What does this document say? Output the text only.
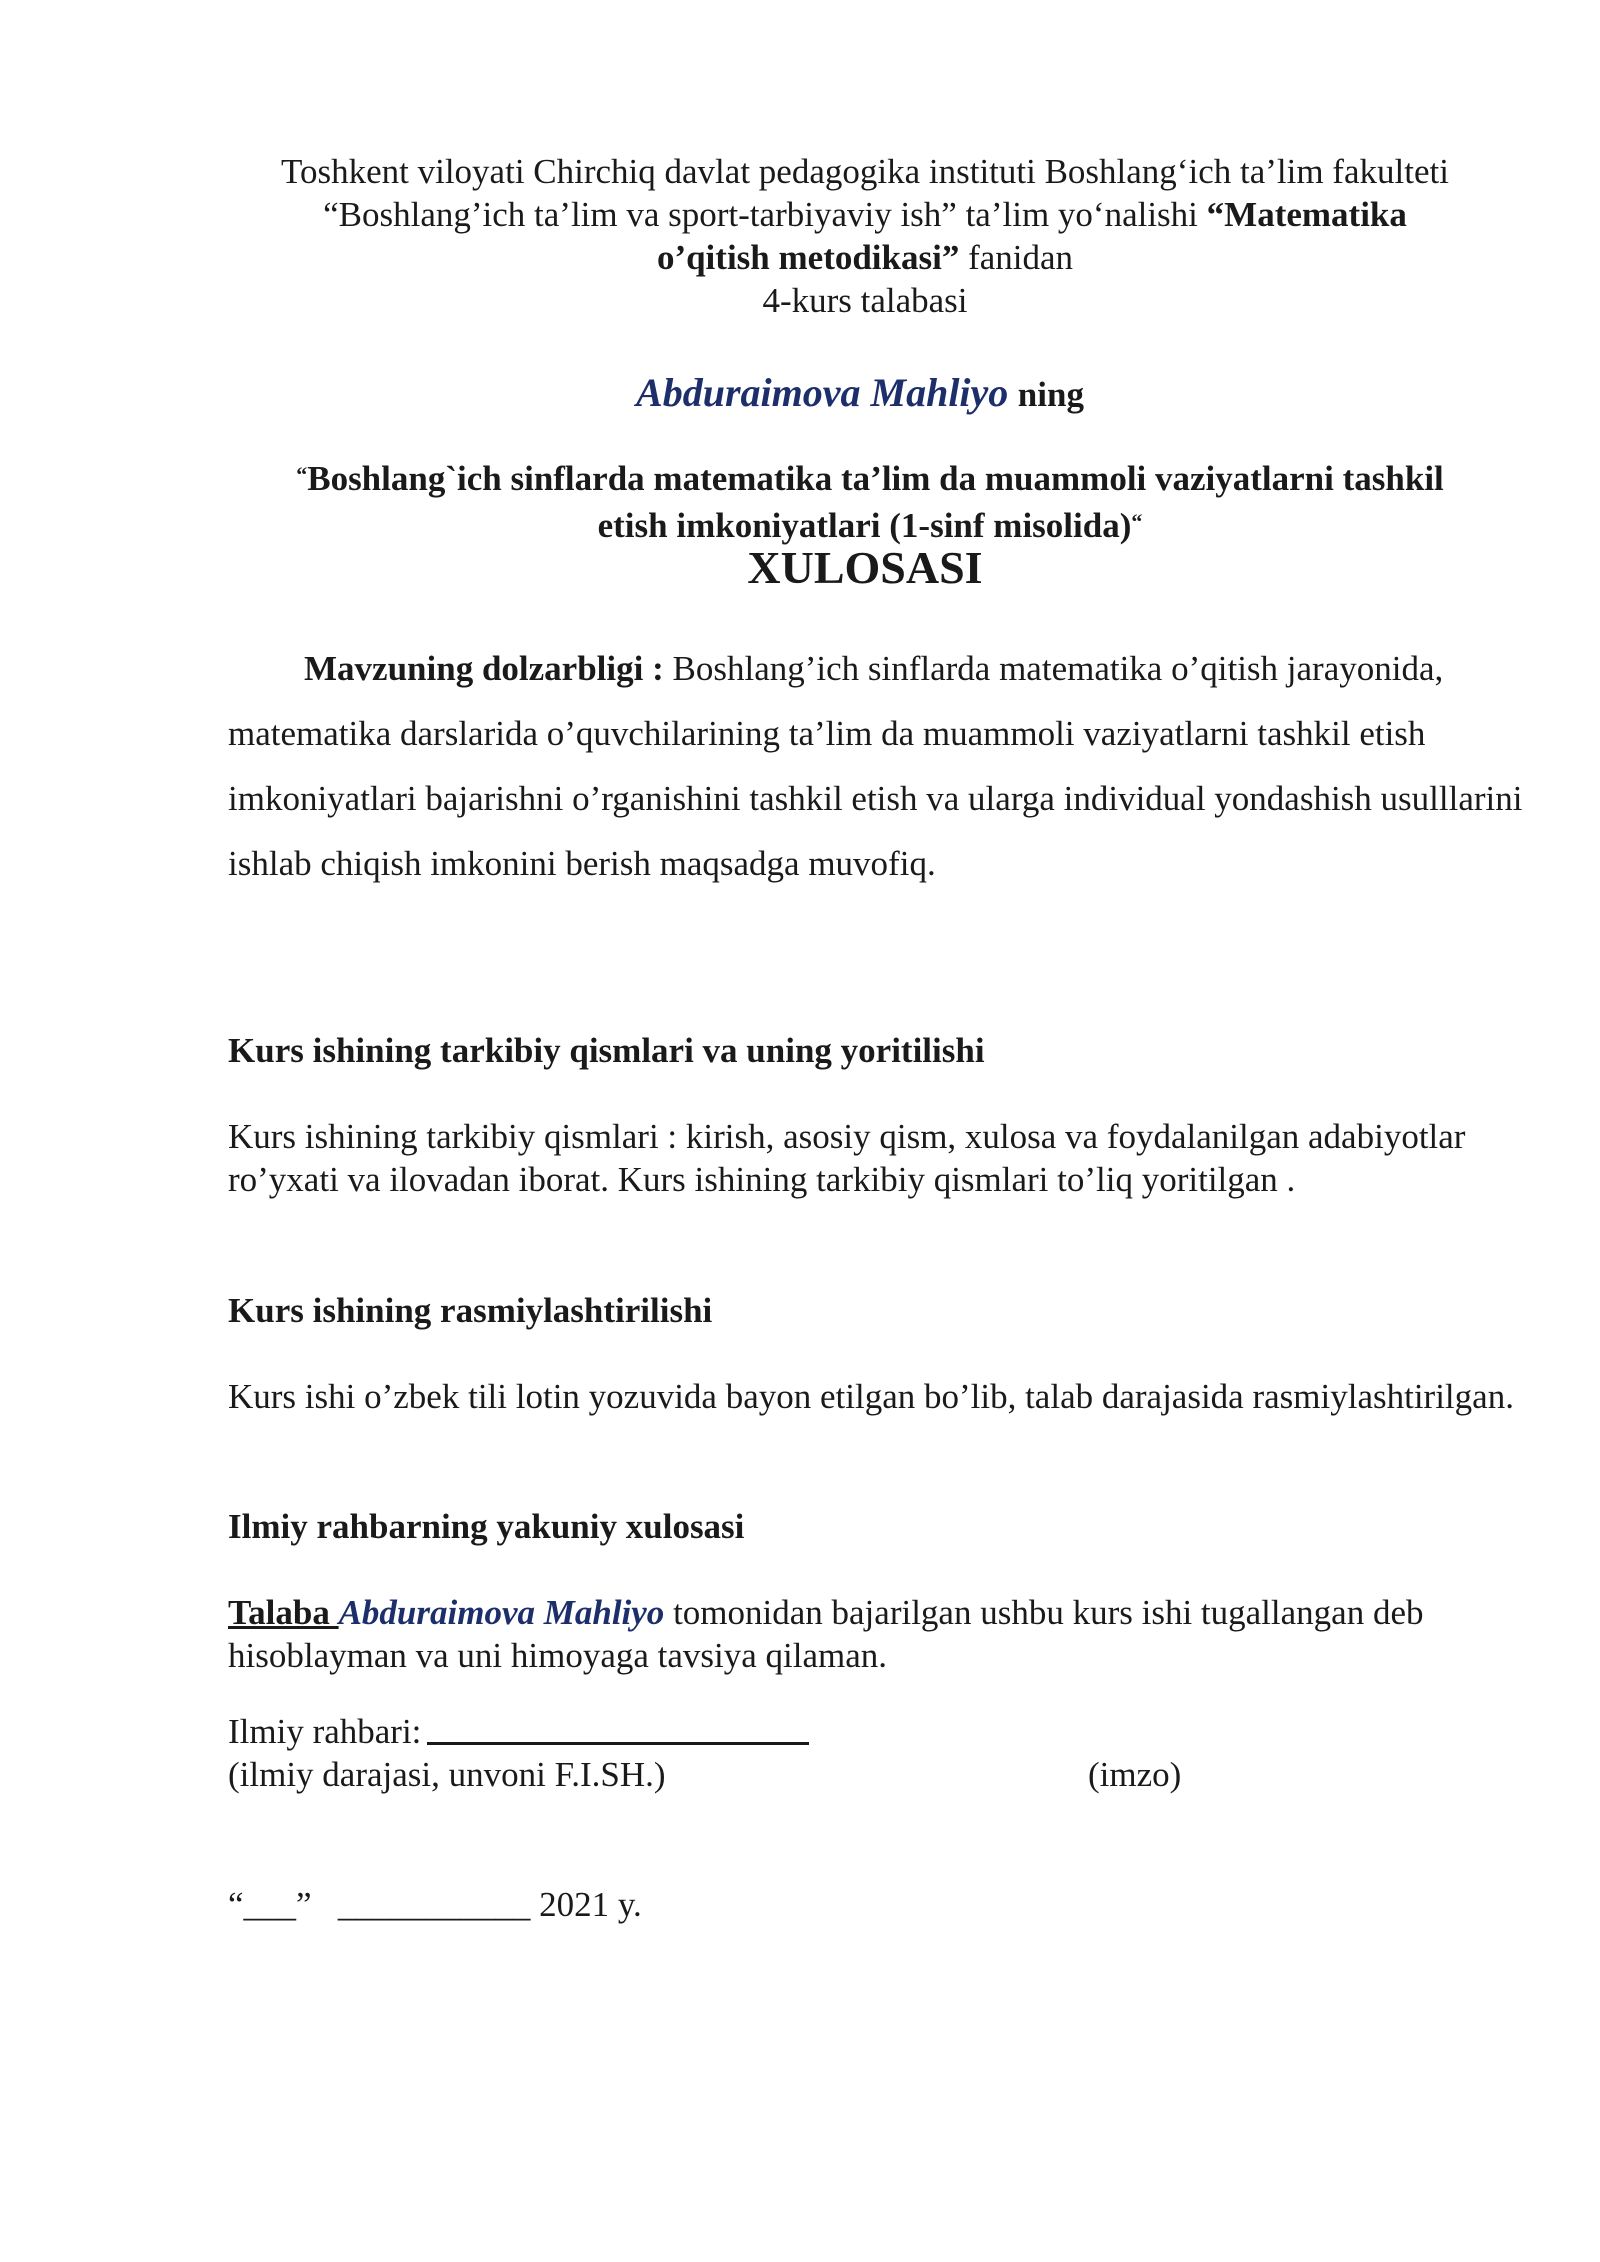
Toshkent viloyati Chirchiq davlat pedagogika instituti Boshlang‘ich ta’lim fakulteti
“Boshlang’ich ta’lim va sport-tarbiyaviy ish” ta’lim yo‘nalishi “Matematika
o’qitish metodikasi” fanidan
4-kurs talabasi
Abduraimova Mahliyo ning
“Boshlang`ich sinflarda matematika ta’lim da muammoli vaziyatlarni tashkil
etish imkoniyatlari (1-sinf misolida)“
XULOSASI
Mavzuning dolzarbligi : Boshlang’ich sinflarda matematika o’qitish jarayonida, matematika darslarida o’quvchilarining ta’lim da muammoli vaziyatlarni tashkil etish imkoniyatlari bajarishni o’rganishini tashkil etish va ularga individual yondashish usulllarini ishlab chiqish imkonini berish maqsadga muvofiq.
Kurs ishining tarkibiy qismlari va uning yoritilishi
Kurs ishining tarkibiy qismlari : kirish, asosiy qism, xulosa va foydalanilgan adabiyotlar ro’yxati va ilovadan iborat. Kurs ishining tarkibiy qismlari to’liq yoritilgan .
Kurs ishining rasmiylashtirilishi
Kurs ishi o’zbek tili lotin yozuvida bayon etilgan bo’lib, talab darajasida rasmiylashtirilgan.
Ilmiy rahbarning yakuniy xulosasi
Talaba Abduraimova Mahliyo tomonidan bajarilgan ushbu kurs ishi tugallangan deb hisoblayman va uni himoyaga tavsiya qilaman.
Ilmiy rahbari:
(ilmiy darajasi, unvoni F.I.SH.)	(imzo)
“___”   ___________ 2021 y.
